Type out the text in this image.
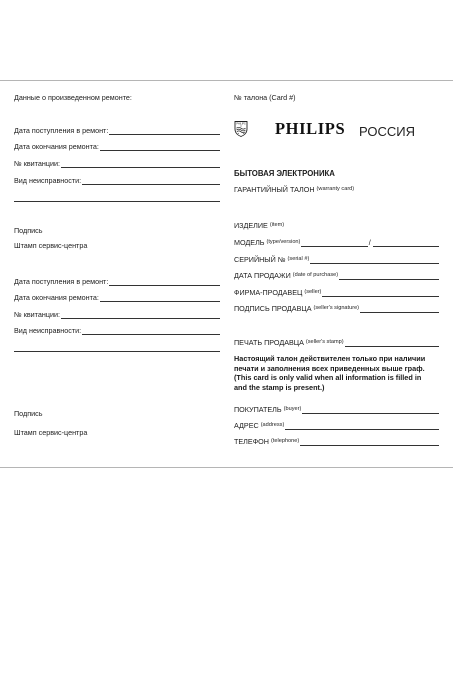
Данные о произведенном ремонте:
Дата поступления в ремонт:
Дата окончания ремонта:
№ квитанции:
Вид неисправности:
Подпись
Штамп сервис-центра
Дата поступления в ремонт:
Дата окончания ремонта:
№ квитанции:
Вид неисправности:
Подпись
Штамп сервис-центра
№ талона (Card #)
PHILIPS PHILIPS РОССИЯ
БЫТОВАЯ ЭЛЕКТРОНИКА
ГАРАНТИЙНЫЙ ТАЛОН (warranty card)
ИЗДЕЛИЕ (item)
МОДЕЛЬ (type/version)	/
СЕРИЙНЫЙ № (serial #)
ДАТА ПРОДАЖИ (date of purchase)
ФИРМА-ПРОДАВЕЦ (seller)
ПОДПИСЬ ПРОДАВЦА (seller's signature)
ПЕЧАТЬ ПРОДАВЦА (seller's stamp)
Настоящий талон действителен только при наличии
печати и заполнения всех приведенных выше граф.
(This card is only valid when all information is filled in
and the stamp is present.)
ПОКУПАТЕЛЬ (buyer)
АДРЕС (address)
ТЕЛЕФОН (telephone)
